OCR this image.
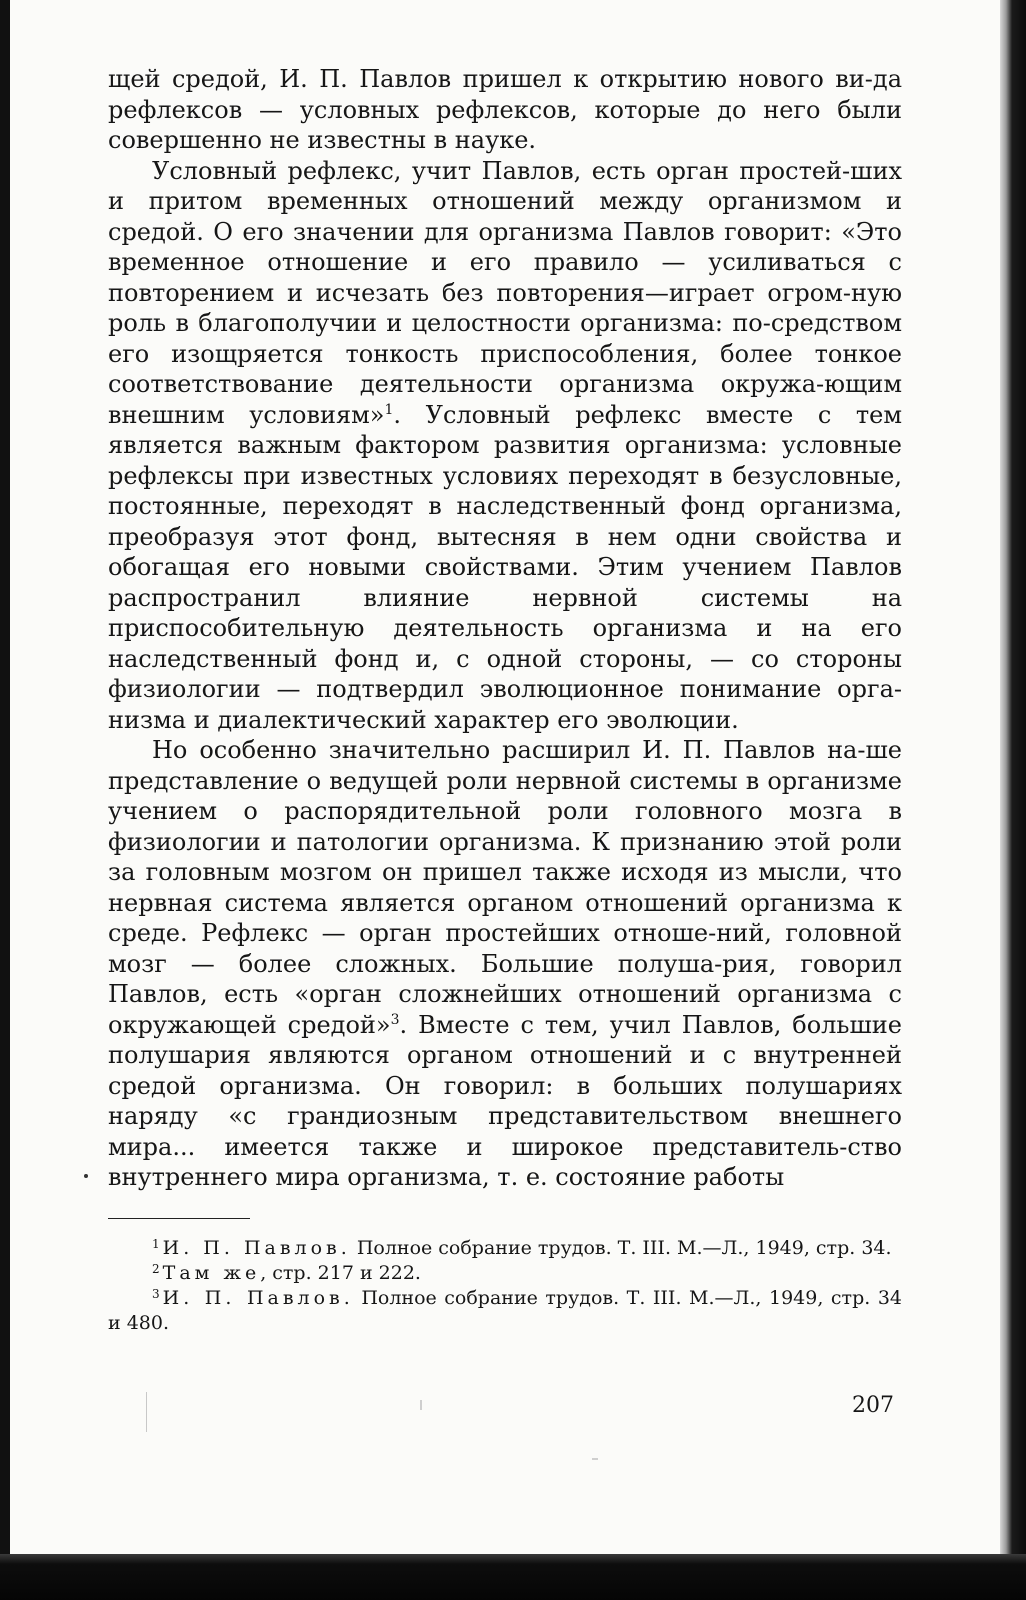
щей средой, И. П. Павлов пришел к открытию нового ви-да рефлексов — условных рефлексов, которые до него были совершенно не известны в науке.

Условный рефлекс, учит Павлов, есть орган простей-ших и притом временных отношений между организмом и средой. О его значении для организма Павлов говорит: «Это временное отношение и его правило — усиливаться с повторением и исчезать без повторения—играет огром-ную роль в благополучии и целостности организма: по-средством его изощряется тонкость приспособления, более тонкое соответствование деятельности организма окружа-ющим внешним условиям»$^1$. Условный рефлекс вместе с тем является важным фактором развития организма: условные рефлексы при известных условиях переходят в безусловные, постоянные, переходят в наследственный фонд организма, преобразуя этот фонд, вытесняя в нем одни свойства и обогащая его новыми свойствами. Этим учением Павлов распространил влияние нервной системы на приспособительную деятельность организма и на его наследственный фонд и, с одной стороны, — со стороны физиологии — подтвердил эволюционное понимание орга-низма и диалектический характер его эволюции.

Но особенно значительно расширил И. П. Павлов на-ше представление о ведущей роли нервной системы в организме учением о распорядительной роли головного мозга в физиологии и патологии организма. К признанию этой роли за головным мозгом он пришел также исходя из мысли, что нервная система является органом отношений организма к среде. Рефлекс — орган простейших отноше-ний, головной мозг — более сложных. Большие полуша-рия, говорил Павлов, есть «орган сложнейших отношений организма с окружающей средой»$^3$. Вместе с тем, учил Павлов, большие полушария являются органом отношений и с внутренней средой организма. Он говорил: в больших полушариях наряду «с грандиозным представительством внешнего мира... имеется также и широкое представитель-ство внутреннего мира организма, т. е. состояние работы

$^1$ И. П. Павлов. Полное собрание трудов. Т. III. М.—Л., 1949, стр. 34.

$^2$ Там же, стр. 217 и 222.

$^3$ И. П. Павлов. Полное собрание трудов. Т. III. М.—Л., 1949, стр. 34 и 480.

207
